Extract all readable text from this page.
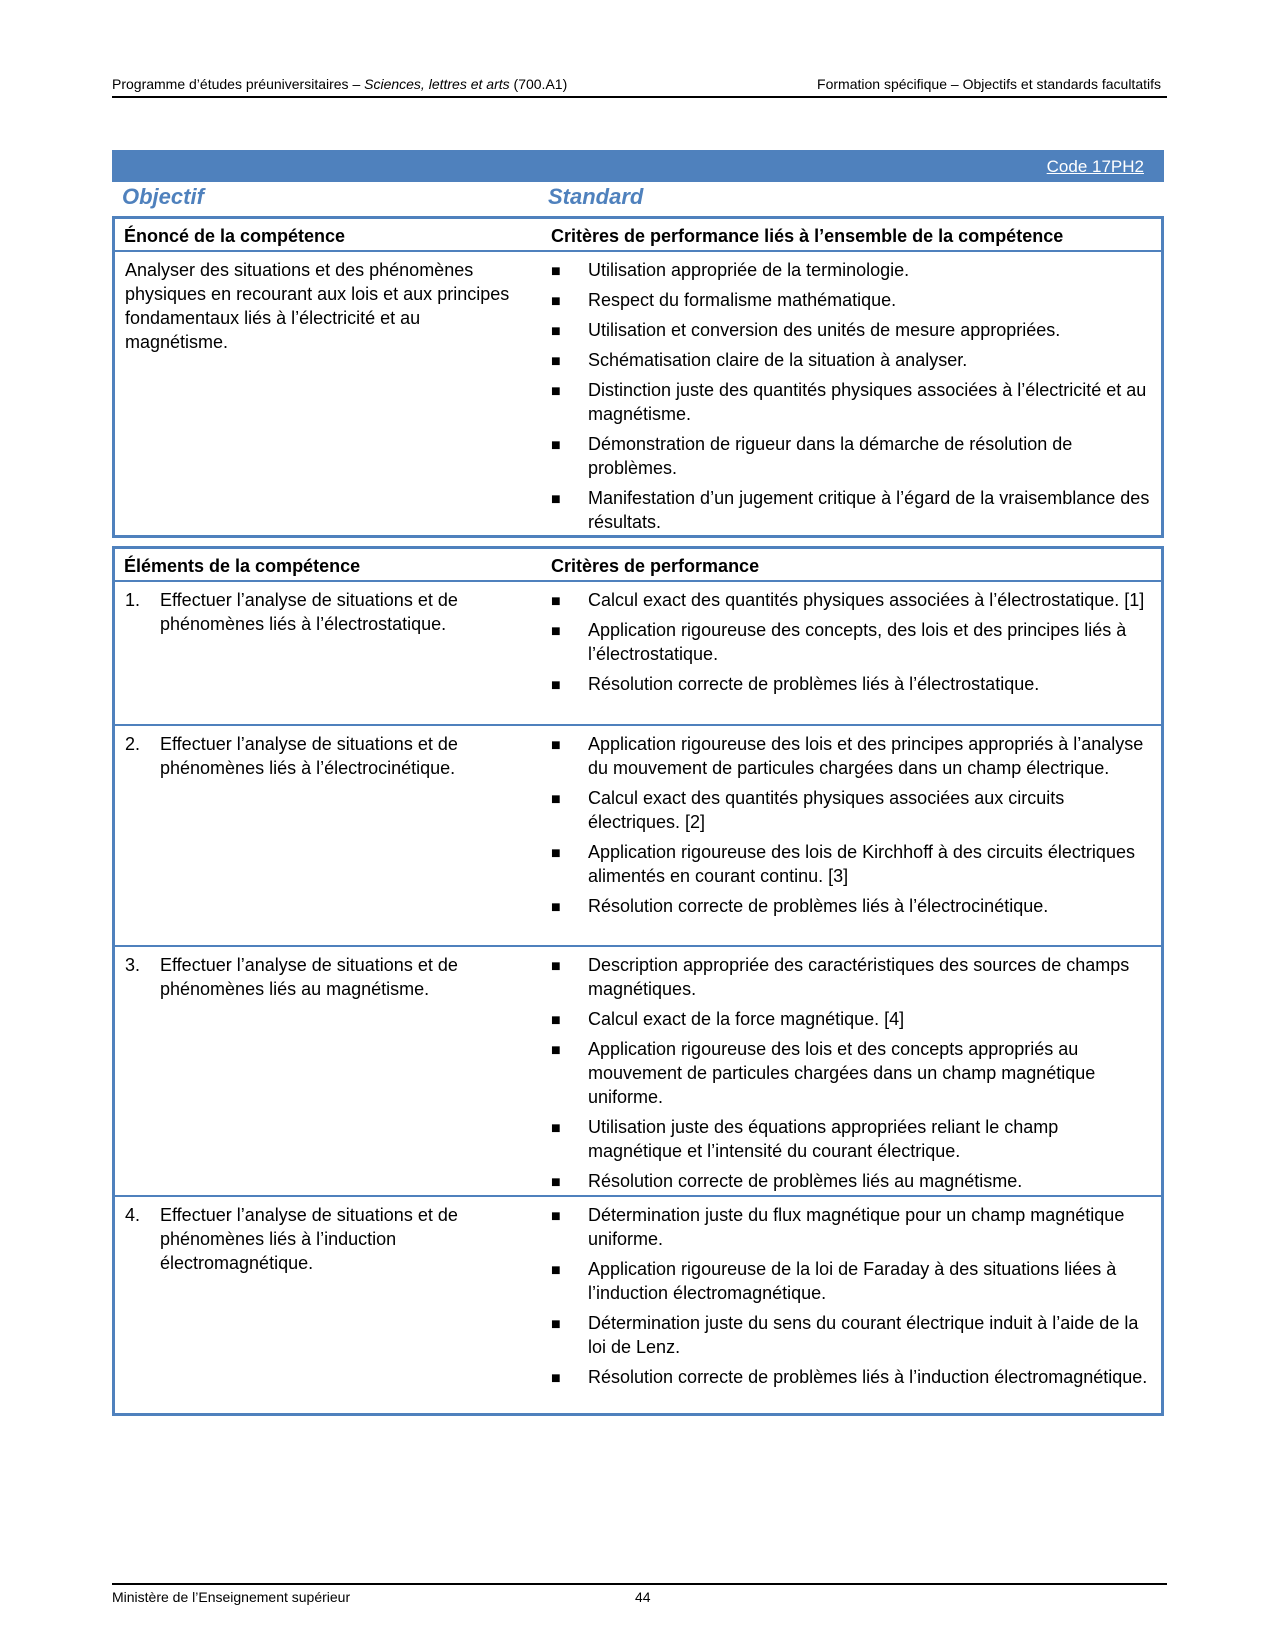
Programme d’études préuniversitaires – Sciences, lettres et arts (700.A1)	Formation spécifique – Objectifs et standards facultatifs
Code 17PH2
Objectif	Standard
Énoncé de la compétence	Critères de performance liés à l’ensemble de la compétence
Analyser des situations et des phénomènes physiques en recourant aux lois et aux principes fondamentaux liés à l’électricité et au magnétisme.
■ Utilisation appropriée de la terminologie.
■ Respect du formalisme mathématique.
■ Utilisation et conversion des unités de mesure appropriées.
■ Schématisation claire de la situation à analyser.
■ Distinction juste des quantités physiques associées à l’électricité et au magnétisme.
■ Démonstration de rigueur dans la démarche de résolution de problèmes.
■ Manifestation d’un jugement critique à l’égard de la vraisemblance des résultats.
Éléments de la compétence	Critères de performance
1. Effectuer l’analyse de situations et de phénomènes liés à l’électrostatique.
■ Calcul exact des quantités physiques associées à l’électrostatique. [1]
■ Application rigoureuse des concepts, des lois et des principes liés à l’électrostatique.
■ Résolution correcte de problèmes liés à l’électrostatique.
2. Effectuer l’analyse de situations et de phénomènes liés à l’électrocinétique.
■ Application rigoureuse des lois et des principes appropriés à l’analyse du mouvement de particules chargées dans un champ électrique.
■ Calcul exact des quantités physiques associées aux circuits électriques. [2]
■ Application rigoureuse des lois de Kirchhoff à des circuits électriques alimentés en courant continu. [3]
■ Résolution correcte de problèmes liés à l’électrocinétique.
3. Effectuer l’analyse de situations et de phénomènes liés au magnétisme.
■ Description appropriée des caractéristiques des sources de champs magnétiques.
■ Calcul exact de la force magnétique. [4]
■ Application rigoureuse des lois et des concepts appropriés au mouvement de particules chargées dans un champ magnétique uniforme.
■ Utilisation juste des équations appropriées reliant le champ magnétique et l’intensité du courant électrique.
■ Résolution correcte de problèmes liés au magnétisme.
4. Effectuer l’analyse de situations et de phénomènes liés à l’induction électromagnétique.
■ Détermination juste du flux magnétique pour un champ magnétique uniforme.
■ Application rigoureuse de la loi de Faraday à des situations liées à l’induction électromagnétique.
■ Détermination juste du sens du courant électrique induit à l’aide de la loi de Lenz.
■ Résolution correcte de problèmes liés à l’induction électromagnétique.
Ministère de l’Enseignement supérieur	44
